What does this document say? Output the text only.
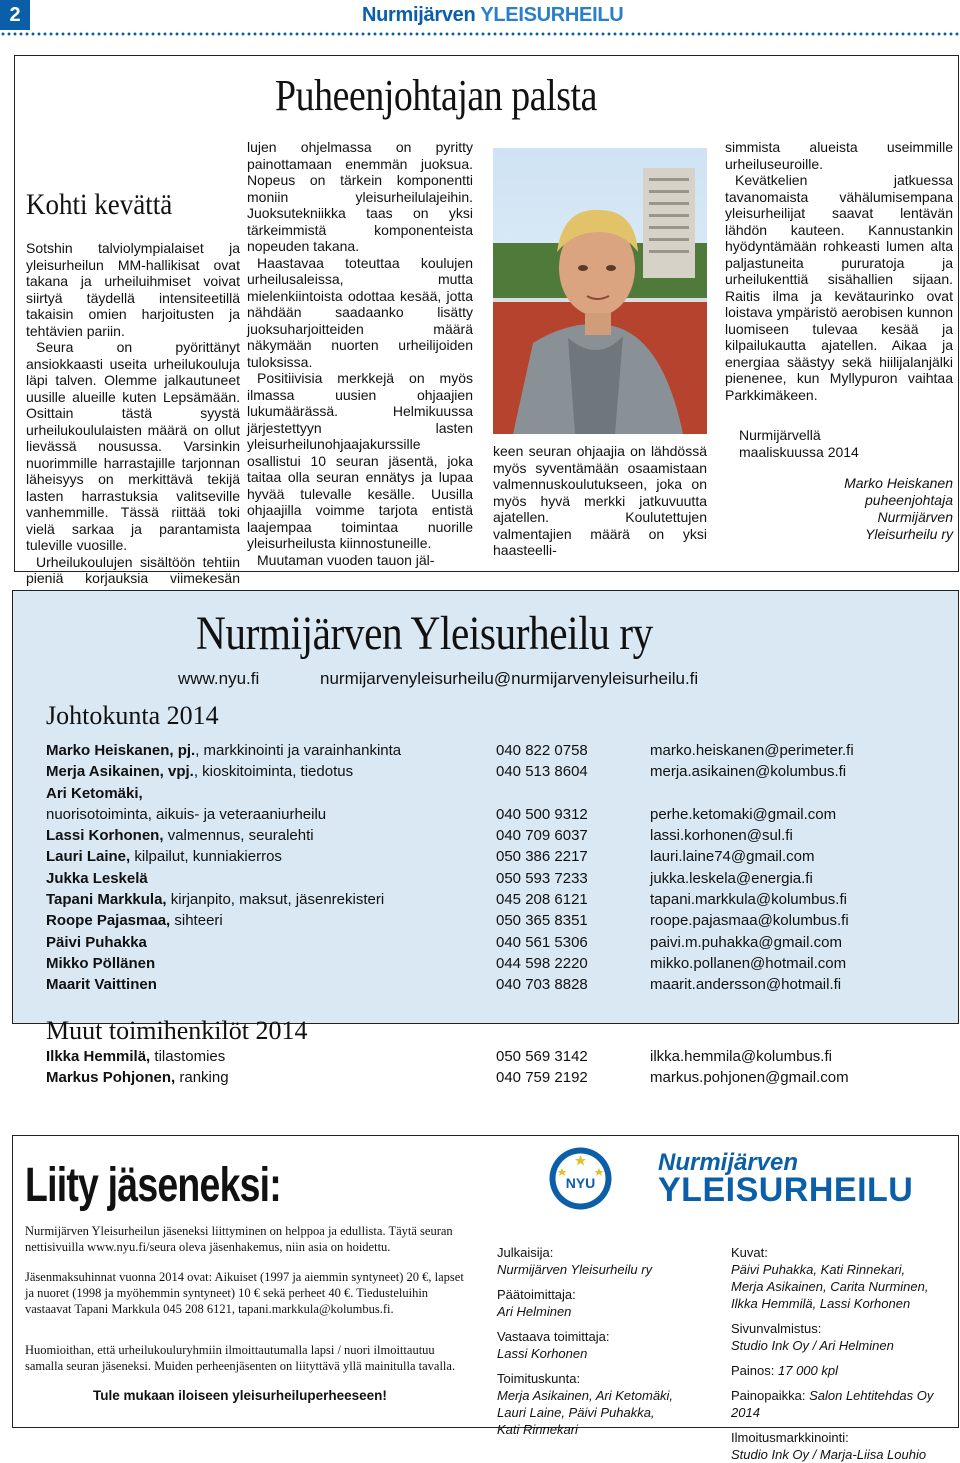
2	Nurmijärven YLEISURHEILU
Puheenjohtajan palsta
Kohti kevättä

Sotshin talviolympialaiset ja yleisurheilun MM-hallikisat ovat takana ja urheiluihmiset voivat siirtyä täydellä intensiteetillä takaisin omien harjoitusten ja tehtävien pariin.

Seura on pyörittänyt ansiokkaasti useita urheilukouluja läpi talven. Olemme jalkautuneet uusille alueille kuten Lepsämään. Osittain tästä syystä urheilukoululaisten määrä on ollut lievässä nousussa. Varsinkin nuorimmille harrastajille tarjonnan läheisyys on merkittävä tekijä lasten harrastuksia valitseville vanhemmille. Tässä riittää toki vielä sarkaa ja parantamista tuleville vuosille.

Urheilukoulujen sisältöön tehtiin pieniä korjauksia viimekesän

lujen ohjelmassa on pyritty painottamaan enemmän juoksua. Nopeus on tärkein komponentti moniin yleisurheilulajeihin. Juoksutekniikka taas on yksi tärkeimmistä komponenteista nopeuden takana.

Haastavaa toteuttaa koulujen urheilusaleissa, mutta mielenkiintoista odottaa kesää, jotta nähdään saadaanko lisätty juoksuharjoitteiden määrä näkymään nuorten urheilijoiden tuloksissa.

Positiivisia merkkejä on myös ilmassa uusien ohjaajien lukumäärässä. Helmikuussa järjestettyyn lasten yleisurheilunohjaajakurssille osallistui 10 seuran jäsentä, joka taitaa olla seuran ennätys ja lupaa hyvää tulevalle kesälle. Uusilla ohjaajilla voimme tarjota entistä laajempaa toimintaa nuorille yleisurheilusta kiinnostuneille.

Muutaman vuoden tauon jäl-

keen seuran ohjaajia on lähdössä myös syventämään osaamistaan valmennuskoulutukseen, joka on myös hyvä merkki jatkuvuutta ajatellen. Koulutettujen valmentajien määrä on yksi haasteelli-

simmista alueista useimmille urheiluseuroille.

Kevätkelien jatkuessa tavanomaista vähälumisempana yleisurheilijat saavat lentävän lähdön kauteen. Kannustankin hyödyntämään rohkeasti lumen alta paljastuneita pururatoja ja urheilukenttiä sisähallien sijaan. Raitis ilma ja kevätaurinko ovat loistava ympäristö aerobisen kunnon luomiseen tulevaa kesää ja kilpailukautta ajatellen. Aikaa ja energiaa säästyy sekä hiilijalanjälki pienenee, kun Myllypuron vaihtaa Parkkimäkeen.

Nurmijärvellä
maaliskuussa 2014
Marko Heiskanen
puheenjohtaja
Nurmijärven
Yleisurheilu ry
Nurmijärven Yleisurheilu ry
www.nyu.fi	nurmijarvenyleisurheilu@nurmijarvenyleisurheilu.fi
Johtokunta 2014
Marko Heiskanen, pj., markkinointi ja varainhankinta	040 822 0758	marko.heiskanen@perimeter.fi
Merja Asikainen, vpj., kioskitoiminta, tiedotus	040 513 8604	merja.asikainen@kolumbus.fi
Ari Ketomäki,
nuorisotoiminta, aikuis- ja veteraaniurheilu	040 500 9312	perhe.ketomaki@gmail.com
Lassi Korhonen, valmennus, seuralehti	040 709 6037	lassi.korhonen@sul.fi
Lauri Laine, kilpailut, kunniakierros	050 386 2217	lauri.laine74@gmail.com
Jukka Leskelä	050 593 7233	jukka.leskela@energia.fi
Tapani Markkula, kirjanpito, maksut, jäsenrekisteri	045 208 6121	tapani.markkula@kolumbus.fi
Roope Pajasmaa, sihteeri	050 365 8351	roope.pajasmaa@kolumbus.fi
Päivi Puhakka	040 561 5306	paivi.m.puhakka@gmail.com
Mikko Pöllänen	044 598 2220	mikko.pollanen@hotmail.com
Maarit Vaittinen	040 703 8828	maarit.andersson@hotmail.fi
Muut toimihenkilöt 2014
Ilkka Hemmilä, tilastomies	050 569 3142	ilkka.hemmila@kolumbus.fi
Markus Pohjonen, ranking	040 759 2192	markus.pohjonen@gmail.com
Liity jäseneksi:
Nurmijärven Yleisurheilun jäseneksi liittyminen on helppoa ja edullista. Täytä seuran nettisivuilla www.nyu.fi/seura oleva jäsenhakemus, niin asia on hoidettu.
Jäsenmaksuhinnat vuonna 2014 ovat: Aikuiset (1997 ja aiemmin syntyneet) 20 €, lapset ja nuoret (1998 ja myöhemmin syntyneet) 10 € sekä perheet 40 €. Tiedusteluihin vastaavat Tapani Markkula 045 208 6121, tapani.markkula@kolumbus.fi.
Huomioithan, että urheilukouluryhmiin ilmoittautumalla lapsi / nuori ilmoittautuu samalla seuran jäseneksi. Muiden perheenjäsenten on liityttävä yllä mainitulla tavalla.
Tule mukaan iloiseen yleisurheiluperheeseen!
NYU
Nurmijärven
YLEISURHEILU
Julkaisija:
Nurmijärven Yleisurheilu ry
Päätoimittaja:
Ari Helminen
Vastaava toimittaja:
Lassi Korhonen
Toimituskunta:
Merja Asikainen, Ari Ketomäki,
Lauri Laine, Päivi Puhakka,
Kati Rinnekari
Kuvat:
Päivi Puhakka, Kati Rinnekari,
Merja Asikainen, Carita Nurminen,
Ilkka Hemmilä, Lassi Korhonen
Sivunvalmistus:
Studio Ink Oy / Ari Helminen
Painos: 17 000 kpl
Painopaikka: Salon Lehtitehdas Oy 2014
Ilmoitusmarkkinointi:
Studio Ink Oy / Marja-Liisa Louhio
